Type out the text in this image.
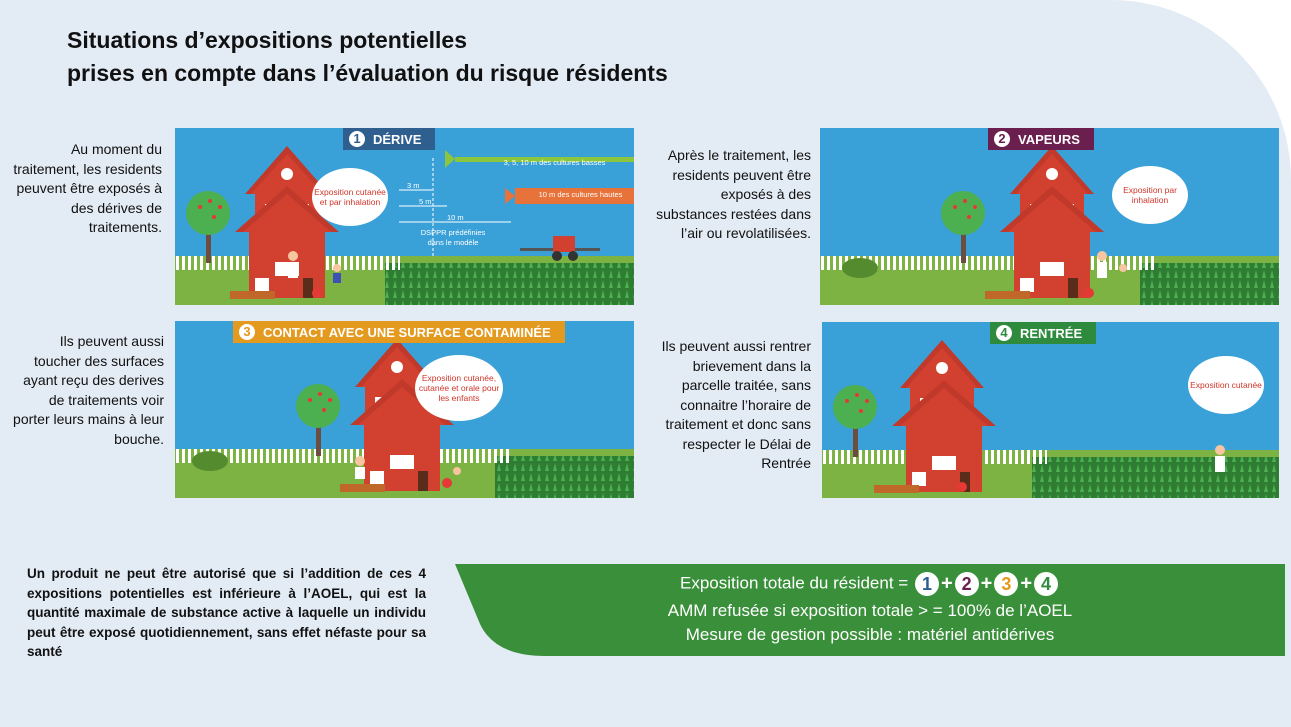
Situations d’expositions potentielles
prises en compte dans l’évaluation du risque résidents
Au moment du traitement, les residents peuvent être exposés à des dérives de traitements.
Après le traitement, les residents peuvent être exposés à des substances restées dans l’air ou revolatilisées.
Ils peuvent aussi toucher des surfaces ayant reçu des derives de traitements voir porter leurs mains à leur bouche.
Ils peuvent aussi rentrer brievement dans la parcelle traitée, sans connaitre l’horaire de traitement et donc sans respecter le Délai de Rentrée
1 DÉRIVE
Exposition cutanée et par inhalation
3, 5, 10 m des cultures basses
10 m des cultures hautes
3 m
5 m
10 m
DSPPR prédéfinies dans le modèle
2 VAPEURS
Exposition par inhalation
3 CONTACT AVEC UNE SURFACE CONTAMINÉE
Exposition cutanée, cutanée et orale pour les enfants
4 RENTRÉE
Exposition cutanée
Un produit ne peut être autorisé que si l’addition de ces 4 expositions potentielles est inférieure à l’AOEL, qui est la quantité maximale de substance active à laquelle un individu peut être exposé quotidiennement, sans effet néfaste pour sa santé
Exposition totale du résident = 1 + 2 + 3 + 4
AMM refusée si exposition totale > = 100% de l’AOEL
Mesure de gestion possible : matériel antidérives
